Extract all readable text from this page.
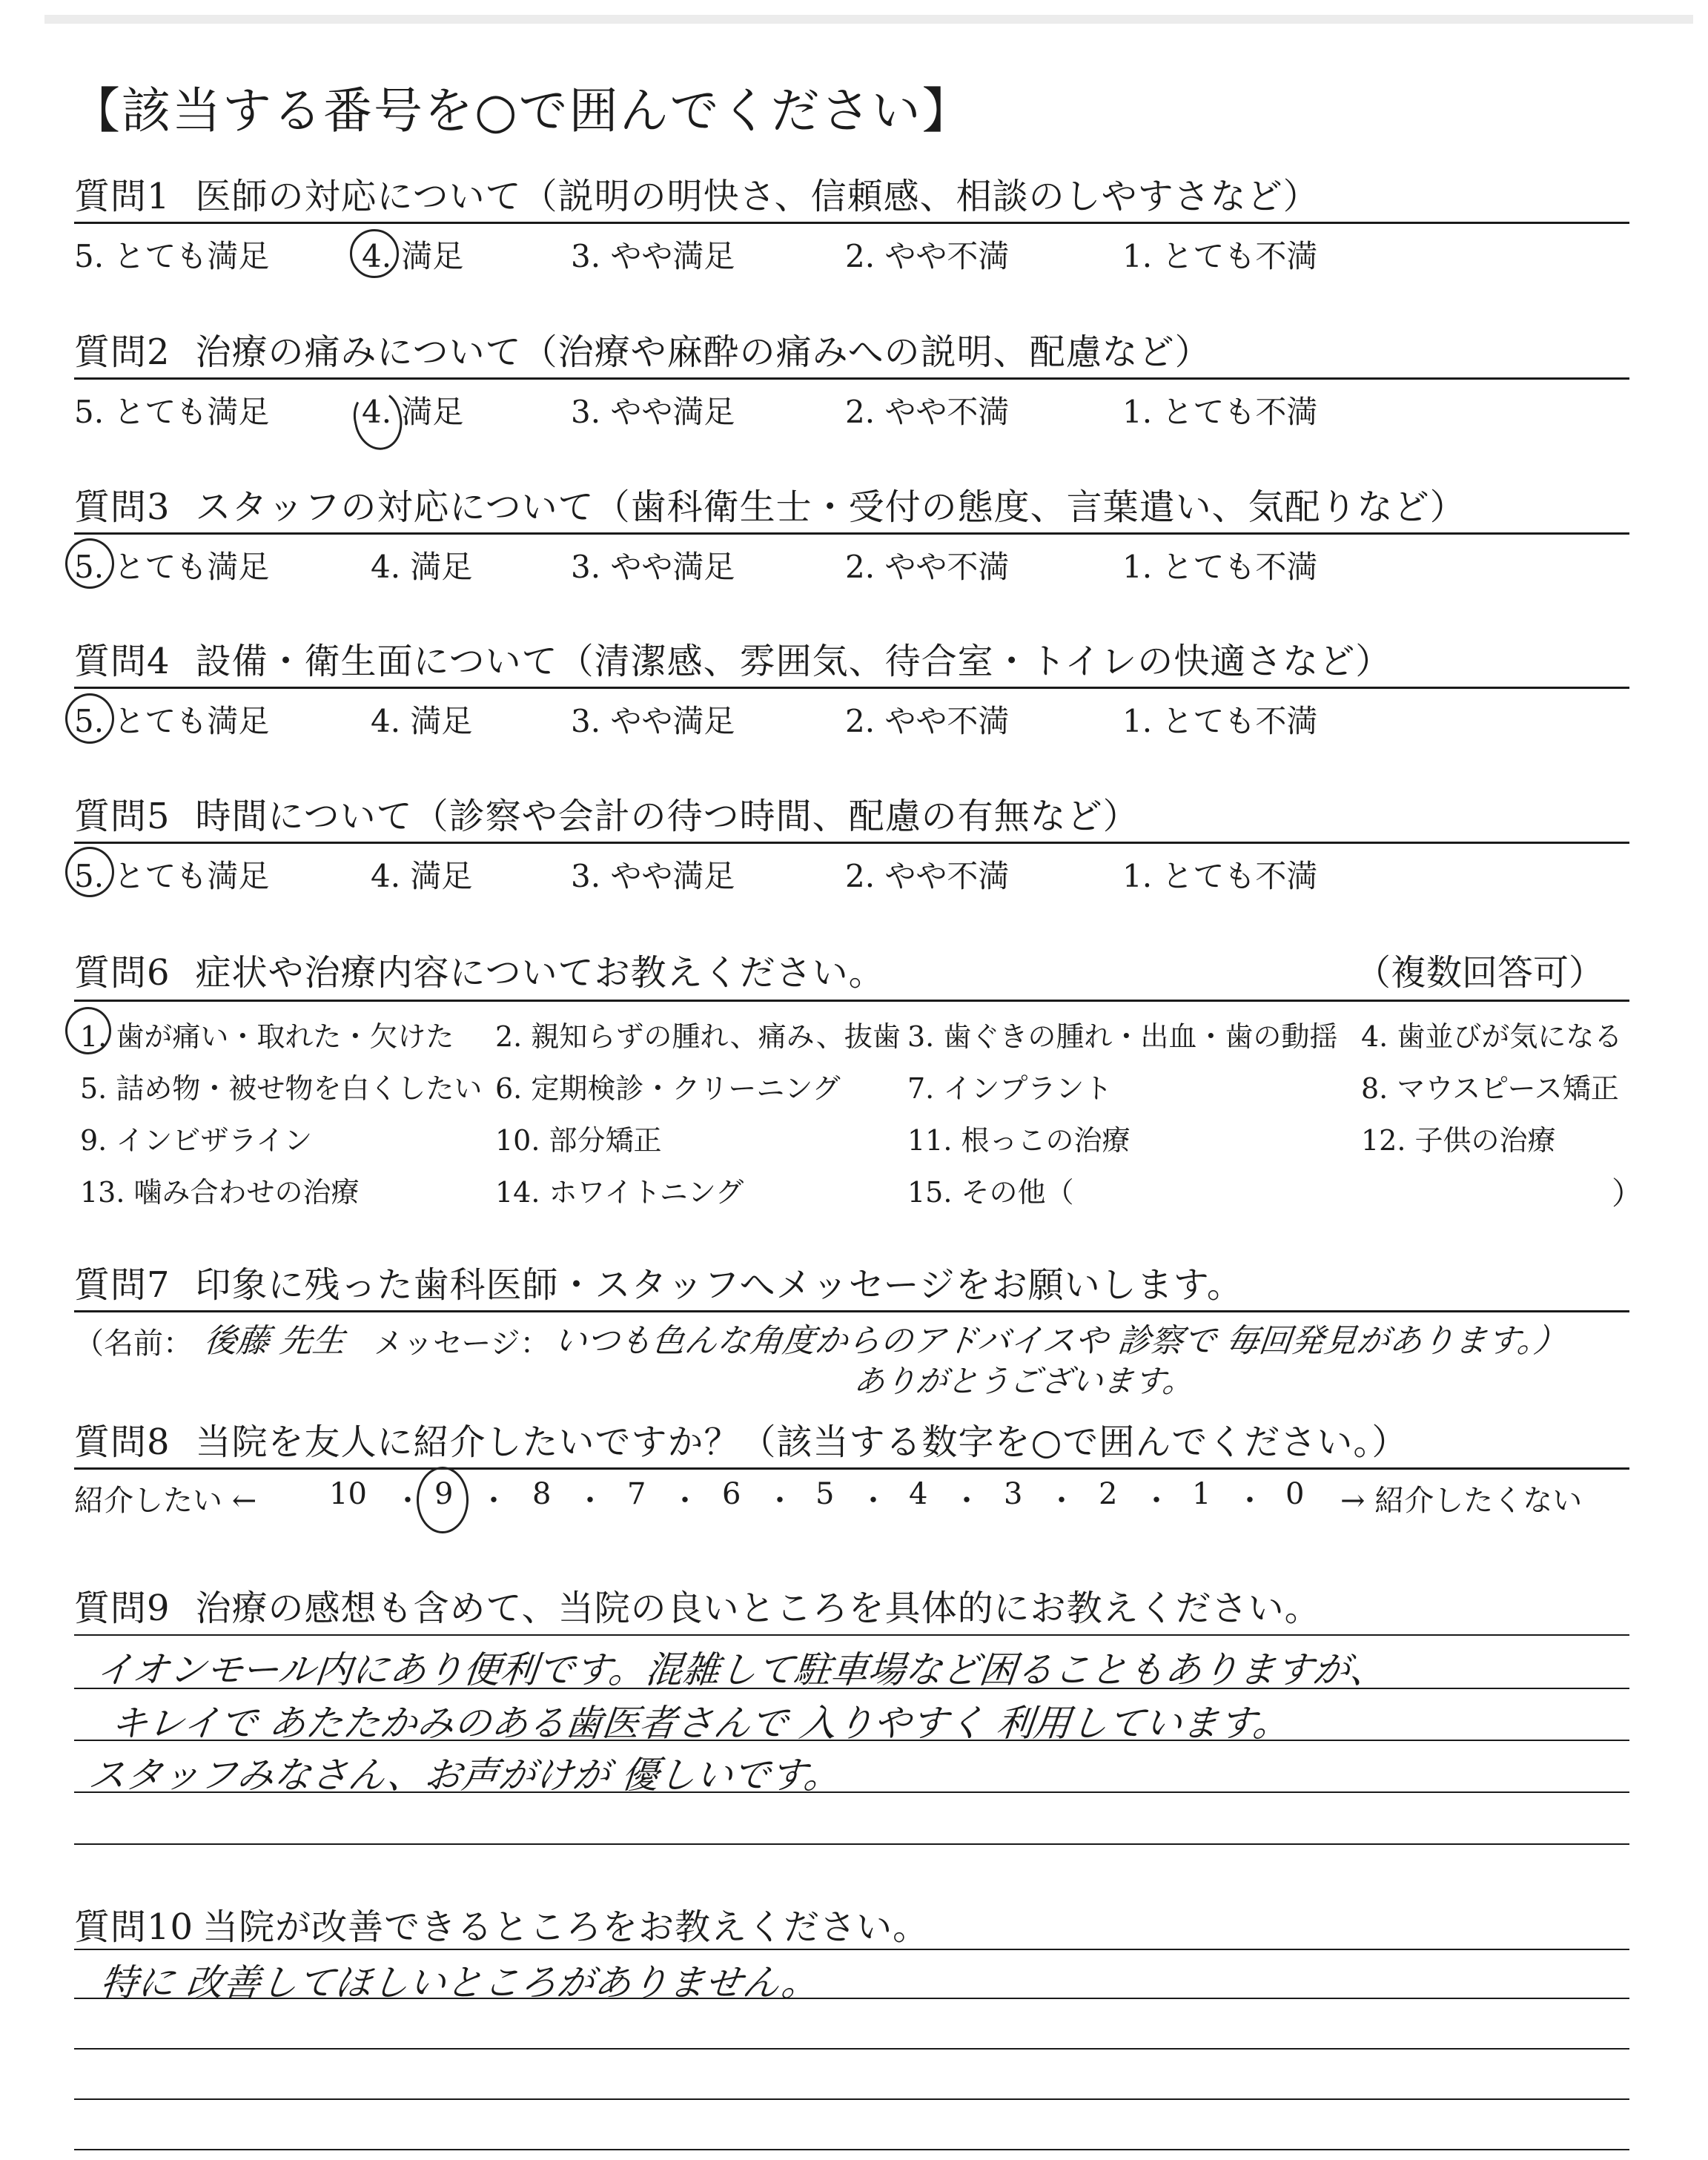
【該当する番号を○で囲んでください】
質問1 医師の対応について（説明の明快さ、信頼感、相談のしやすさなど）
5. とても満足	4. 満足	3. やや満足	2. やや不満	1. とても不満
質問2 治療の痛みについて（治療や麻酔の痛みへの説明、配慮など）
5. とても満足	4. 満足	3. やや満足	2. やや不満	1. とても不満
質問3 スタッフの対応について（歯科衛生士・受付の態度、言葉遣い、気配りなど）
5. とても満足	4. 満足	3. やや満足	2. やや不満	1. とても不満
質問4 設備・衛生面について（清潔感、雰囲気、待合室・トイレの快適さなど）
5. とても満足	4. 満足	3. やや満足	2. やや不満	1. とても不満
質問5 時間について（診察や会計の待つ時間、配慮の有無など）
5. とても満足	4. 満足	3. やや満足	2. やや不満	1. とても不満
質問6 症状や治療内容についてお教えください。	（複数回答可）
1. 歯が痛い・取れた・欠けた 2. 親知らずの腫れ、痛み、抜歯 3. 歯ぐきの腫れ・出血・歯の動揺 4. 歯並びが気になる
5. 詰め物・被せ物を白くしたい 6. 定期検診・クリーニング 7. インプラント	8. マウスピース矯正
9. インビザライン	10. 部分矯正	11. 根っこの治療	12. 子供の治療
13. 噛み合わせの治療	14. ホワイトニング	15. その他（	）
質問7 印象に残った歯科医師・スタッフへメッセージをお願いします。
（名前： 後藤 先生 メッセージ： いつも色んな角度からのアドバイスや 診察で 毎回発見があります。）
ありがとうございます。
質問8 当院を友人に紹介したいですか？（該当する数字を○で囲んでください。）
紹介したい ← 10 ・ 9 ・ 8 ・ 7 ・ 6 ・ 5 ・ 4 ・ 3 ・ 2 ・ 1 ・ 0 → 紹介したくない
質問9 治療の感想も含めて、当院の良いところを具体的にお教えください。
イオンモール内にあり便利です。混雑して駐車場など困ることもありますが、
キレイで あたたかみのある歯医者さんで 入りやすく 利用しています。
スタッフみなさん、お声がけが 優しいです。
質問10 当院が改善できるところをお教えください。
特に 改善してほしいところがありません。
